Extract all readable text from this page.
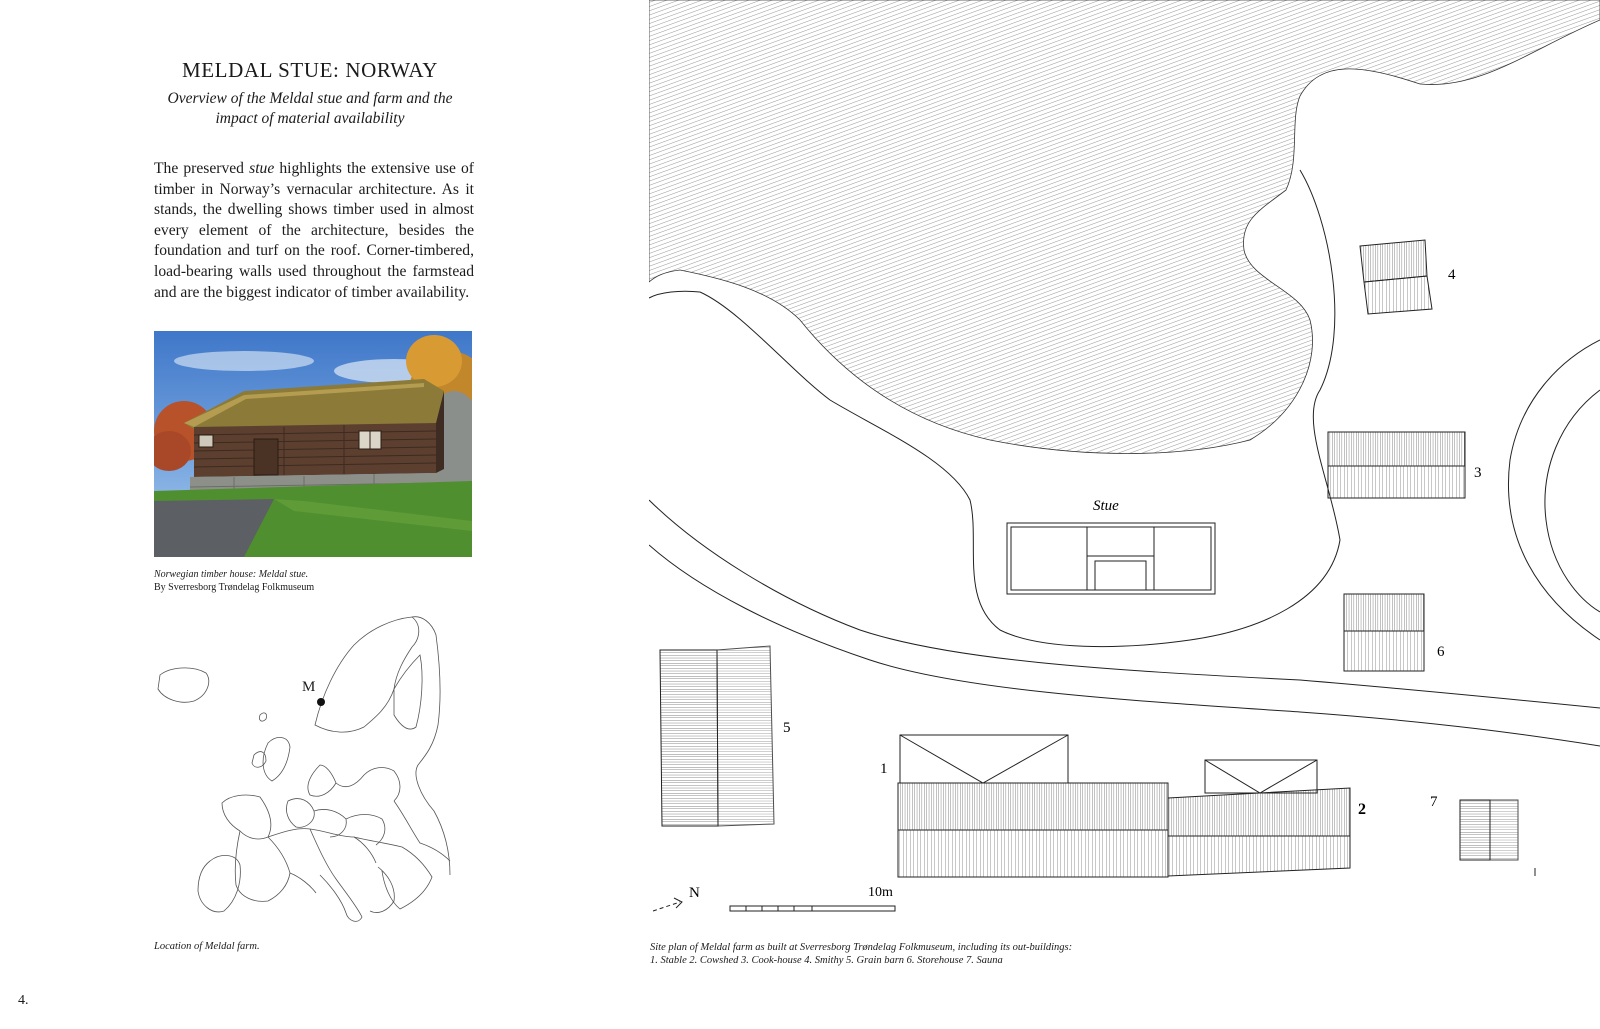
MELDAL STUE: NORWAY

Overview of the Meldal stue and farm and the impact of material availability

The preserved stue highlights the extensive use of timber in Norway’s vernacular architecture. As it stands, the dwelling shows timber used in almost every element of the architecture, besides the foundation and turf on the roof. Corner-timbered, load-bearing walls used throughout the farmstead and are the biggest indicator of timber availability.

Norwegian timber house: Meldal stue.
By Sverresborg Trøndelag Folkmuseum
M
Location of Meldal farm.
4.
Stue
1
2
3
4
5
6
7
N	10m
Site plan of Meldal farm as built at Sverresborg Trøndelag Folkmuseum, including its out-buildings:
1. Stable 2. Cowshed 3. Cook-house 4. Smithy 5. Grain barn 6. Storehouse 7. Sauna
